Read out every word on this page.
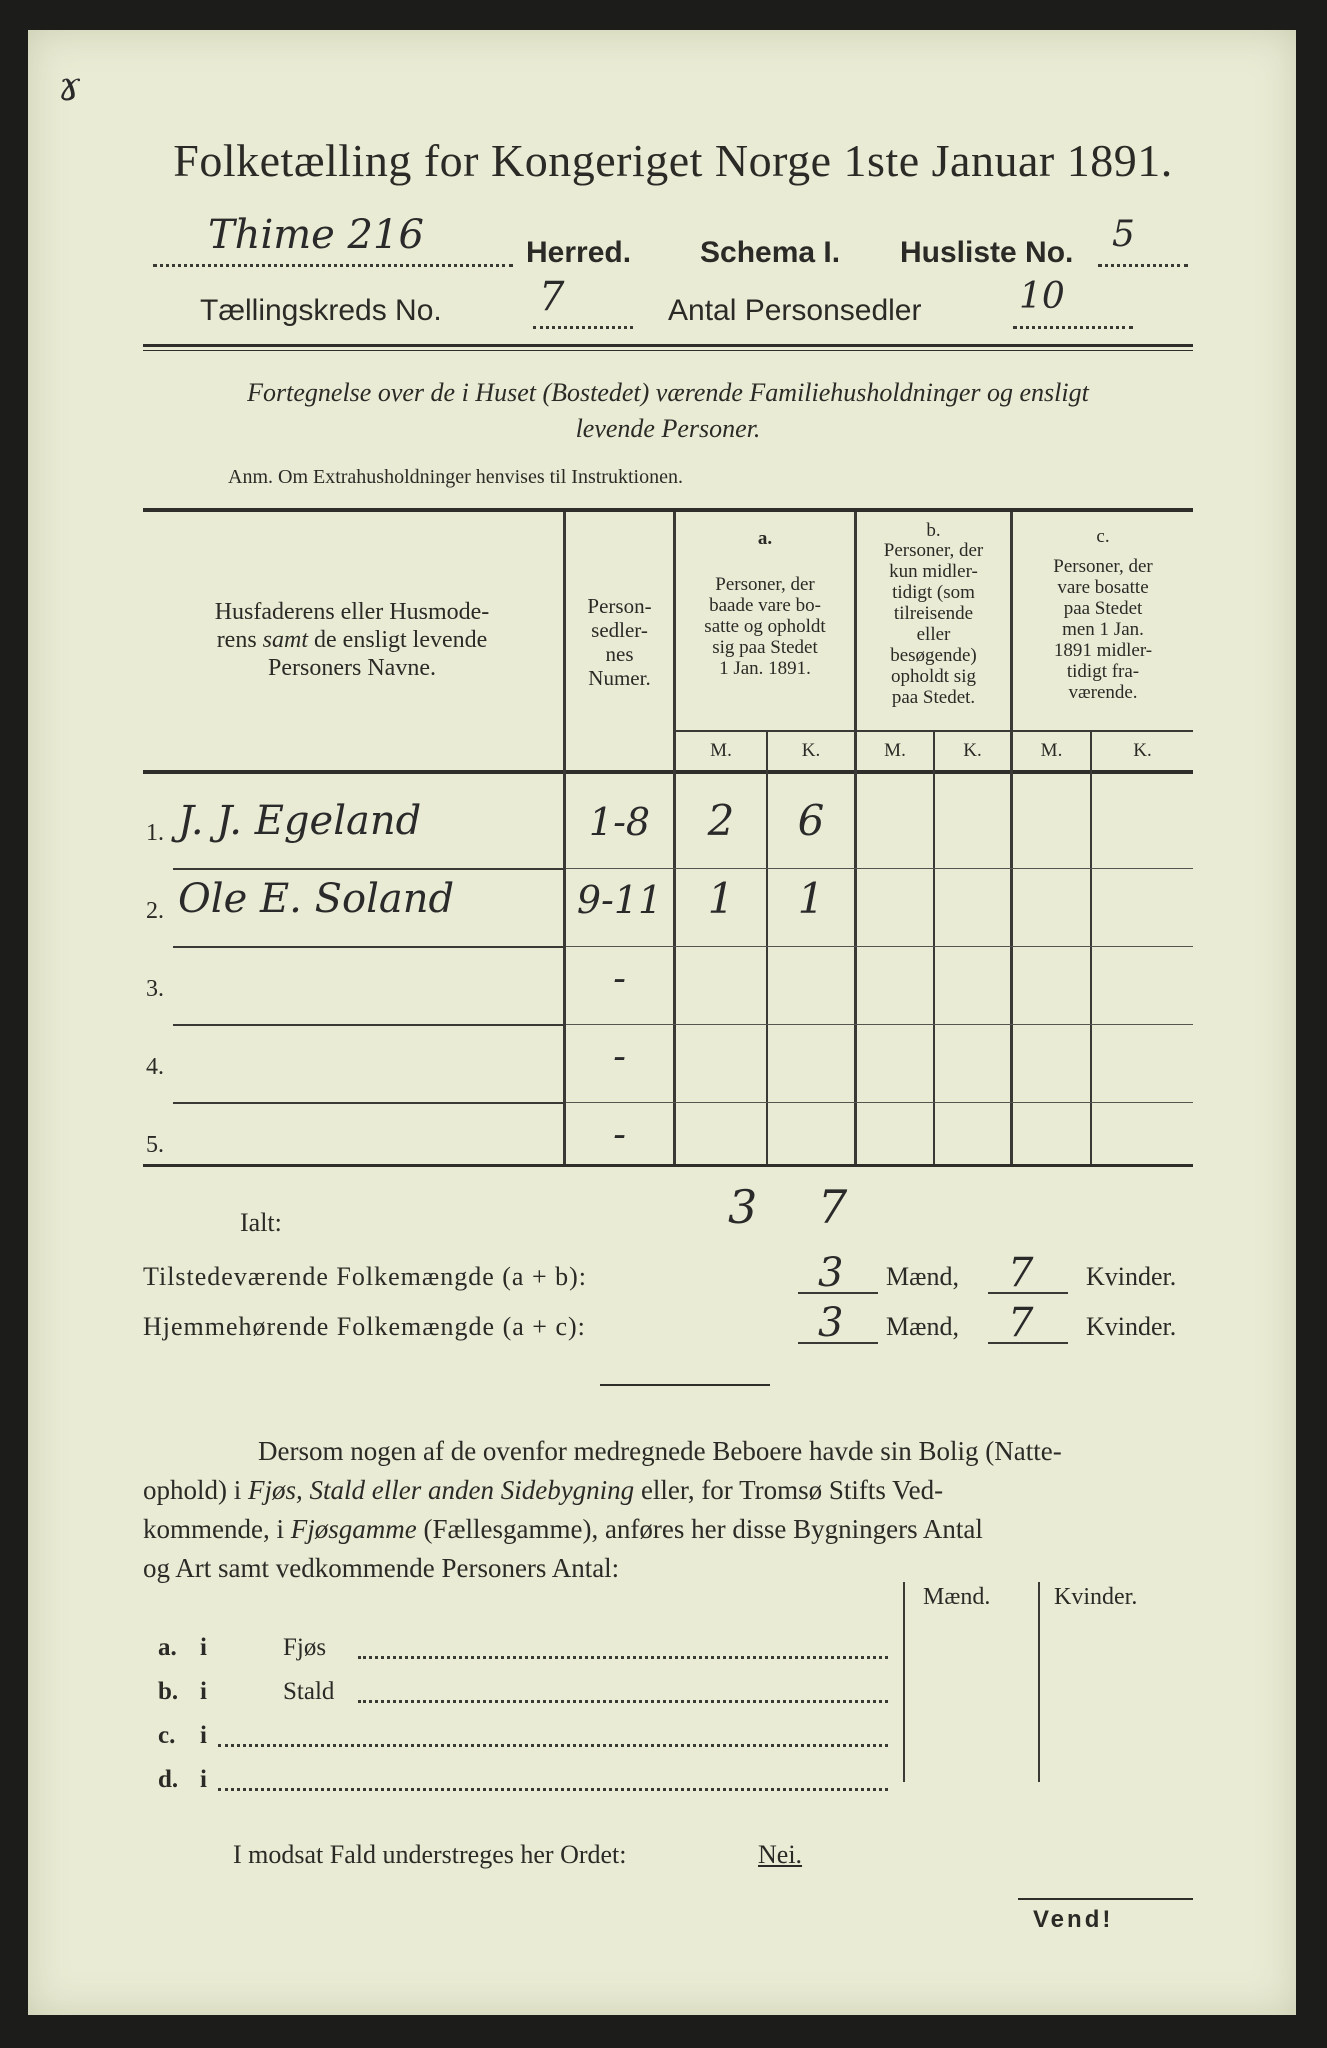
ɤ
Folketælling for Kongeriget Norge 1ste Januar 1891.
Thime 216	Herred. Schema I. Husliste No. 5
Tællingskreds No. 7	Antal Personsedler	10
Fortegnelse over de i Huset (Bostedet) værende Familiehusholdninger og ensligt
levende Personer.
Anm. Om Extrahusholdninger henvises til Instruktionen.
Husfaderens eller Husmode-
rens samt de ensligt levende
Personers Navne.
Person-
sedler-
nes
Numer.
a.
Personer, der
baade vare bo-
satte og opholdt
sig paa Stedet
1 Jan. 1891.
b.
Personer, der
kun midler-
tidigt (som
tilreisende
eller
besøgende)
opholdt sig
paa Stedet.
c.
Personer, der
vare bosatte
paa Stedet
men 1 Jan.
1891 midler-
tidigt fra-
værende.
M.	K.	M.	K.	M.	K.
1. J. J. Egeland	1-8	2	6
2. Ole E. Soland	9-11	1	1
3.	-
4.	-
5.	-
Ialt:	3 7
Tilstedeværende Folkemængde (a + b):	3 Mænd, 7 Kvinder.
Hjemmehørende Folkemængde (a + c):	3 Mænd, 7 Kvinder.
Dersom nogen af de ovenfor medregnede Beboere havde sin Bolig (Natte-
ophold) i Fjøs, Stald eller anden Sidebygning eller, for Tromsø Stifts Ved-
kommende, i Fjøsgamme (Fællesgamme), anføres her disse Bygningers Antal
og Art samt vedkommende Personers Antal:
Mænd.	Kvinder.
a. i	Fjøs
b. i	Stald
c. i
d. i
I modsat Fald understreges her Ordet:	Nei.
Vend!
